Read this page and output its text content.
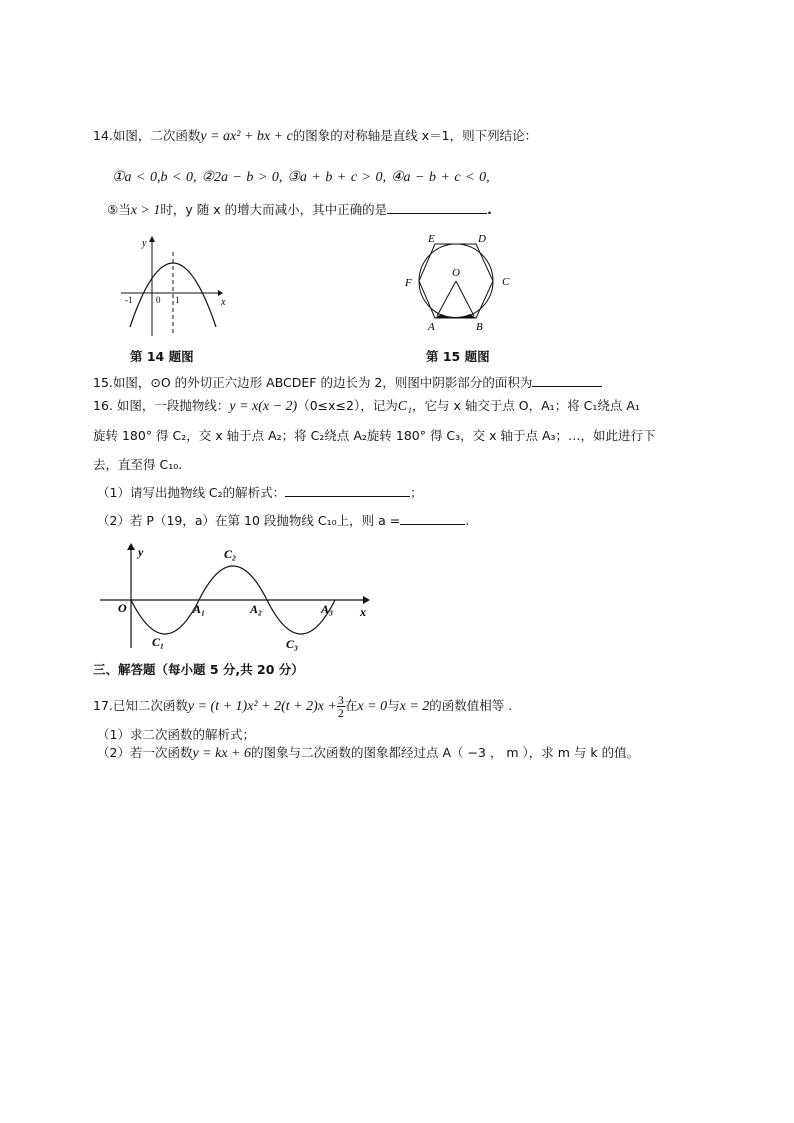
14.如图，二次函数y = ax² + bx + c的图象的对称轴是直线 x＝1，则下列结论：
①a < 0,b < 0, ②2a − b > 0, ③a + b + c > 0, ④a − b + c < 0,
⑤当x > 1时，y 随 x 的增大而减小，其中正确的是	.
y
x
-1	0 1
第 14 题图
O
E	D
F	C
A	B
第 15 题图
15.如图，⊙O 的外切正六边形 ABCDEF 的边长为 2，则图中阴影部分的面积为
16. 如图，一段抛物线：y = x(x − 2)（0≤x≤2），记为C₁，它与 x 轴交于点 O，A₁；将 C₁绕点 A₁
旋转 180° 得 C₂，交 x 轴于点 A₂；将 C₂绕点 A₂旋转 180° 得 C₃，交 x 轴于点 A₃；…，如此进行下
去，直至得 C₁₀.
（1）请写出抛物线 C₂的解析式：	；
（2）若 P（19，a）在第 10 段抛物线 C₁₀上，则 a =	.
y
x
O	A₁	A₂	A₃
C₁
C₂
C₃
三、解答题（每小题 5 分,共 20 分）
17.已知二次函数$y = (t + 1)x^2 + 2(t + 2)x + \frac{3}{2}$ 在x = 0与x = 2的函数值相等 .
（1）求二次函数的解析式；
（2）若一次函数y = kx + 6的图象与二次函数的图象都经过点 A（ −3 ， m ），求 m 与 k 的值。
